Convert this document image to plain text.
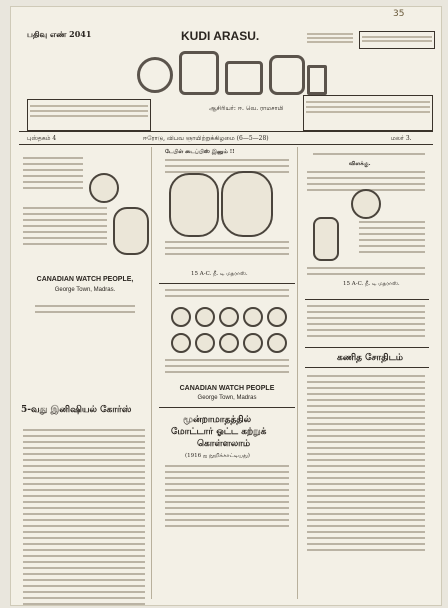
35
பதிவு எண் 2041	KUDI ARASU.
ஆசிரியர்: ஈ. வெ. ராமசாமி
புஸ்தகம் 4	ஈரோடு, விபவ ஞாயிற்றுக்கிழமை (6—5—28)	மலர் 3.
CANADIAN WATCH PEOPLE,
George Town, Madras.
5-வது இனிஷியல் கோர்ஸ்
டேபிள் டைப்பிஸ் இனும் !!
15 A-C. நீ. டி மதராஸ்.
CANADIAN WATCH PEOPLE
George Town, Madras
மூன்றாமாதத்தில்
மோட்டார் ஓட்ட கற்றுக்
கொள்ளலாம்
(1916 ஐ நூறிக்காட்டியது)
விளக்கு.
15 A-C. நீ. டி மதராஸ்.
கணித சோதிடம்
